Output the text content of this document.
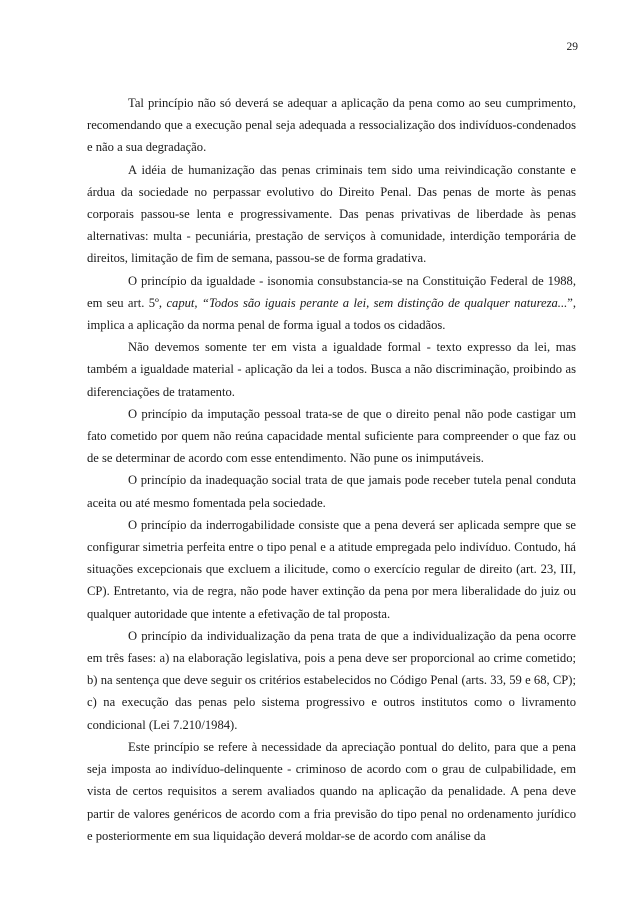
29

Tal princípio não só deverá se adequar a aplicação da pena como ao seu cumprimento, recomendando que a execução penal seja adequada a ressocialização dos indivíduos-condenados e não a sua degradação.

A idéia de humanização das penas criminais tem sido uma reivindicação constante e árdua da sociedade no perpassar evolutivo do Direito Penal. Das penas de morte às penas corporais passou-se lenta e progressivamente. Das penas privativas de liberdade às penas alternativas: multa - pecuniária, prestação de serviços à comunidade, interdição temporária de direitos, limitação de fim de semana, passou-se de forma gradativa.

O princípio da igualdade - isonomia consubstancia-se na Constituição Federal de 1988, em seu art. 5º, caput, “Todos são iguais perante a lei, sem distinção de qualquer natureza...”, implica a aplicação da norma penal de forma igual a todos os cidadãos.

Não devemos somente ter em vista a igualdade formal - texto expresso da lei, mas também a igualdade material - aplicação da lei a todos. Busca a não discriminação, proibindo as diferenciações de tratamento.

O princípio da imputação pessoal trata-se de que o direito penal não pode castigar um fato cometido por quem não reúna capacidade mental suficiente para compreender o que faz ou de se determinar de acordo com esse entendimento. Não pune os inimputáveis.

O princípio da inadequação social trata de que jamais pode receber tutela penal conduta aceita ou até mesmo fomentada pela sociedade.

O princípio da inderrogabilidade consiste que a pena deverá ser aplicada sempre que se configurar simetria perfeita entre o tipo penal e a atitude empregada pelo indivíduo. Contudo, há situações excepcionais que excluem a ilicitude, como o exercício regular de direito (art. 23, III, CP). Entretanto, via de regra, não pode haver extinção da pena por mera liberalidade do juiz ou qualquer autoridade que intente a efetivação de tal proposta.

O princípio da individualização da pena trata de que a individualização da pena ocorre em três fases: a) na elaboração legislativa, pois a pena deve ser proporcional ao crime cometido; b) na sentença que deve seguir os critérios estabelecidos no Código Penal (arts. 33, 59 e 68, CP); c) na execução das penas pelo sistema progressivo e outros institutos como o livramento condicional (Lei 7.210/1984).

Este princípio se refere à necessidade da apreciação pontual do delito, para que a pena seja imposta ao indivíduo-delinquente - criminoso de acordo com o grau de culpabilidade, em vista de certos requisitos a serem avaliados quando na aplicação da penalidade. A pena deve partir de valores genéricos de acordo com a fria previsão do tipo penal no ordenamento jurídico e posteriormente em sua liquidação deverá moldar-se de acordo com análise da
